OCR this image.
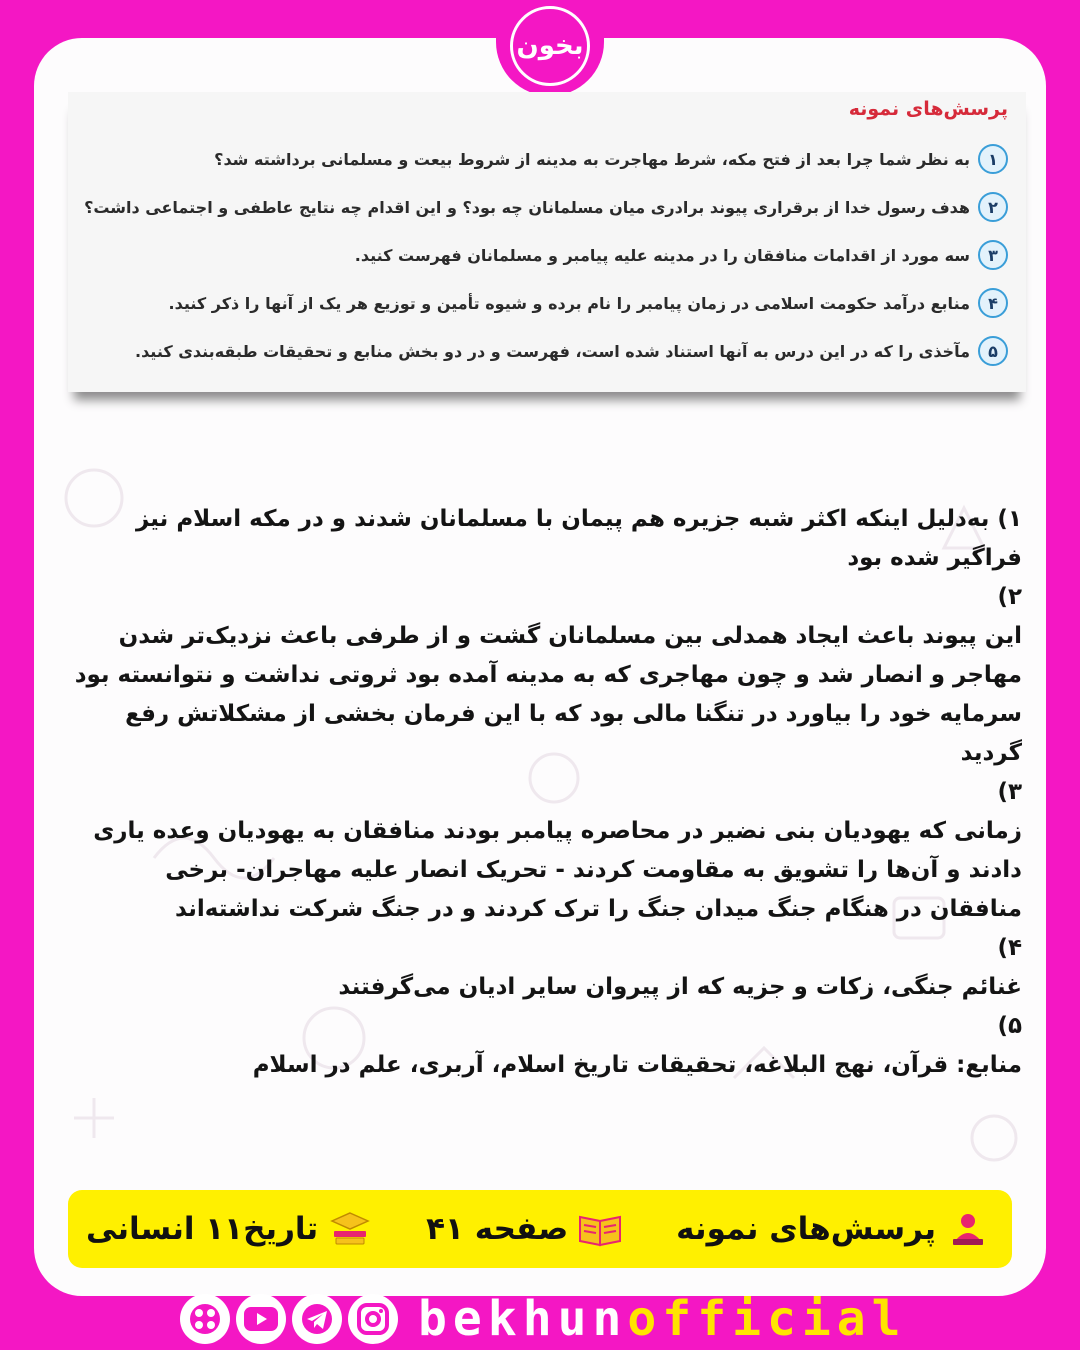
بخون
پرسش‌های نمونه
۱
به نظر شما چرا بعد از فتح مکه، شرط مهاجرت به مدینه از شروط بیعت و مسلمانی برداشته شد؟
۲
هدف رسول خدا از برقراری پیوند برادری میان مسلمانان چه بود؟ و این اقدام چه نتایج عاطفی و اجتماعی داشت؟
۳
سه مورد از اقدامات منافقان را در مدینه علیه پیامبر و مسلمانان فهرست کنید.
۴
منابع درآمد حکومت اسلامی در زمان پیامبر را نام برده و شیوه تأمین و توزیع هر یک از آنها را ذکر کنید.
۵
مآخذی را که در این درس به آنها استناد شده است، فهرست و در دو بخش منابع و تحقیقات طبقه‌بندی کنید.

۱) به‌دلیل اینکه اکثر شبه جزیره هم پیمان با مسلمانان شدند و در مکه اسلام نیز فراگیر شده بود

۲)

این پیوند باعث ایجاد همدلی بین مسلمانان گشت و از طرفی باعث نزدیک‌تر شدن مهاجر و انصار شد و چون مهاجری که به مدینه آمده بود ثروتی نداشت و نتوانسته بود سرمایه خود را بیاورد در تنگنا مالی بود که با این فرمان بخشی از مشکلاتش رفع گردید

۳)

زمانی که یهودیان بنی نضیر در محاصره پیامبر بودند منافقان به یهودیان وعده یاری دادند و آن‌ها را تشویق به مقاومت کردند - تحریک انصار علیه مهاجران- برخی منافقان در هنگام جنگ میدان جنگ را ترک کردند و در جنگ شرکت نداشته‌اند

۴)

غنائم جنگی، زکات و جزیه که از پیروان سایر ادیان می‌گرفتند

۵)

منابع: قرآن، نهج البلاغه، تحقیقات تاریخ اسلام، آربری، علم در اسلام

پرسش‌های نمونه
صفحه ۴۱
تاریخ۱۱ انسانی
bekhun official
